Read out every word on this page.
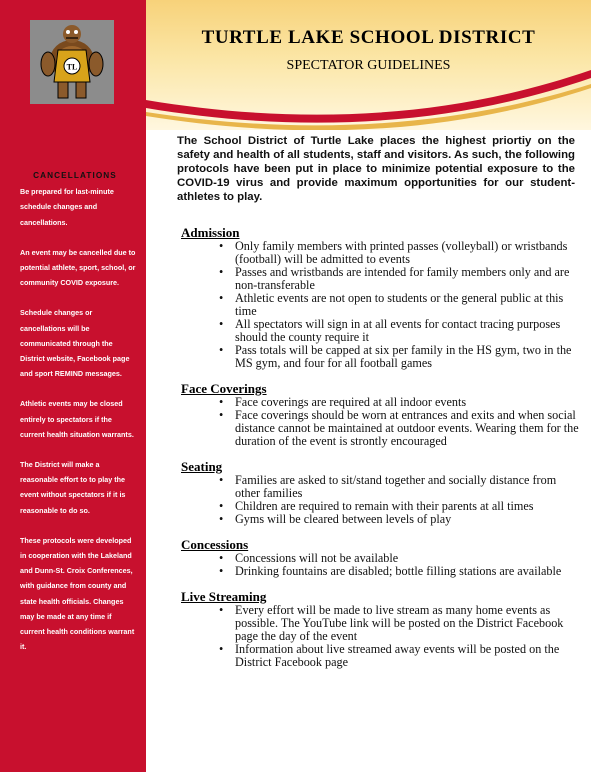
TL
CANCELLATIONS

Be prepared for last-minute schedule changes and cancellations.

An event may be cancelled due to potential athlete, sport, school, or community COVID exposure.

Schedule changes or cancellations will be communicated through the District website, Facebook page and sport REMIND messages.

Athletic events may be closed entirely to spectators if the current health situation warrants.

The District will make a reasonable effort to to play the event without spectators if it is reasonable to do so.

These protocols were developed in cooperation with the Lakeland and Dunn-St. Croix Conferences, with guidance from county and state health officials. Changes may be made at any time if current health conditions warrant it.

TURTLE LAKE SCHOOL DISTRICT
SPECTATOR GUIDELINES
The School District of Turtle Lake places the highest priortiy on the safety and health of all students, staff and visitors. As such, the following protocols have been put in place to minimize potential exposure to the COVID-19 virus and provide maximum opportunities for our student-athletes to play.
Admission
• Only family members with printed passes (volleyball) or wristbands (football) will be admitted to events
• Passes and wristbands are intended for family members only and are non-transferable
• Athletic events are not open to students or the general public at this time
• All spectators will sign in at all events for contact tracing purposes should the county require it
• Pass totals will be capped at six per family in the HS gym, two in the MS gym, and four for all football games
Face Coverings
• Face coverings are required at all indoor events
• Face coverings should be worn at entrances and exits and when social distance cannot be maintained at outdoor events. Wearing them for the duration of the event is strontly encouraged
Seating
• Families are asked to sit/stand together and socially distance from other families
• Children are required to remain with their parents at all times
• Gyms will be cleared between levels of play
Concessions
• Concessions will not be available
• Drinking fountains are disabled; bottle filling stations are available
Live Streaming
• Every effort will be made to live stream as many home events as possible. The YouTube link will be posted on the District Facebook page the day of the event
• Information about live streamed away events will be posted on the District Facebook page
